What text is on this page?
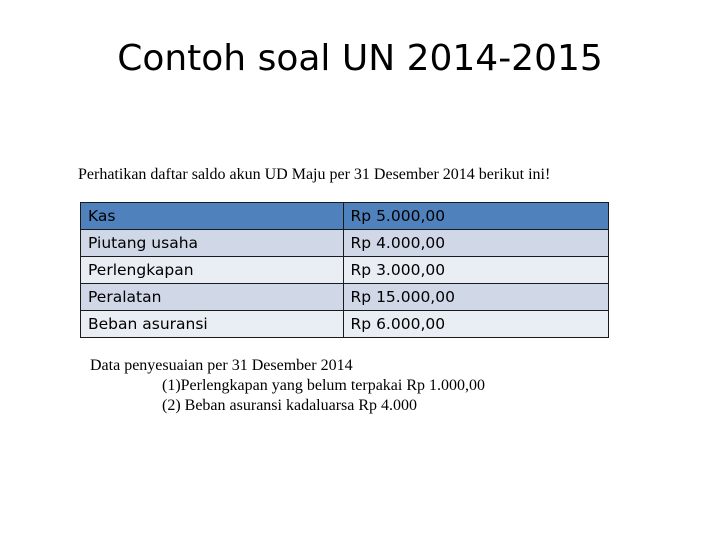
Contoh soal UN 2014-2015
Perhatikan daftar saldo akun UD Maju per 31 Desember 2014 berikut ini!
Kas	Rp 5.000,00
Piutang usaha	Rp 4.000,00
Perlengkapan	Rp 3.000,00
Peralatan	Rp 15.000,00
Beban asuransi	Rp 6.000,00
Data penyesuaian per 31 Desember 2014
(1)Perlengkapan yang belum terpakai Rp 1.000,00
(2) Beban asuransi kadaluarsa Rp 4.000
